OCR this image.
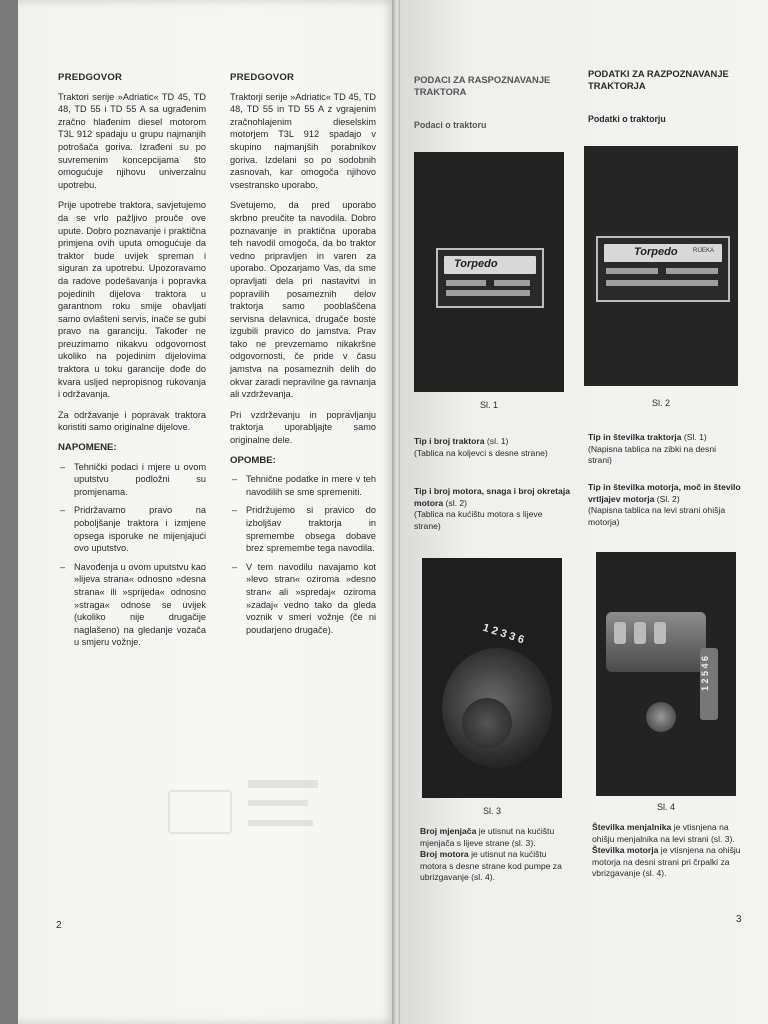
PREDGOVOR

Traktori serije »Adriatic« TD 45, TD 48, TD 55 i TD 55 A sa ugrađenim zračno hlađenim diesel motorom T3L 912 spadaju u grupu najmanjih potrošača goriva. Izrađeni su po suvremenim koncepcijama što omogućuje njihovu univerzalnu upotrebu.

Prije upotrebe traktora, savjetujemo da se vrlo pažljivo prouče ove upute. Dobro poznavanje i praktična primjena ovih uputa omogućuje da traktor bude uvijek spreman i siguran za upotrebu. Upozoravamo da radove podešavanja i popravka pojedinih dijelova traktora u garantnom roku smije obavljati samo ovlašteni servis, inače se gubi pravo na garanciju. Također ne preuzimamo nikakvu odgovornost ukoliko na pojedinim dijelovima traktora u toku garancije dođe do kvara usljed nepropisnog rukovanja i održavanja.

Za održavanje i popravak traktora koristiti samo originalne dijelove.

NAPOMENE:
– Tehnički podaci i mjere u ovom uputstvu podložni su promjenama.
– Pridržavamo pravo na poboljšanje traktora i izmjene opsega isporuke ne mijenjajući ovo uputstvo.
– Navođenja u ovom uputstvu kao »lijeva strana« odnosno »desna strana« ili »sprijeda« odnosno »straga« odnose se uvijek (ukoliko nije drugačije naglašeno) na gledanje vozača u smjeru vožnje.
PREDGOVOR

Traktorji serije »Adriatic« TD 45, TD 48, TD 55 in TD 55 A z vgrajenim zračnohlajenim dieselskim motorjem T3L 912 spadajo v skupino najmanjših porabnikov goriva. Izdelani so po sodobnih zasnovah, kar omogoča njihovo vsestransko uporabo.

Svetujemo, da pred uporabo skrbno preučite ta navodila. Dobro poznavanje in praktična uporaba teh navodil omogoča, da bo traktor vedno pripravljen in varen za uporabo. Opozarjamo Vas, da sme opravljati dela pri nastavitvi in popravilih posameznih delov traktorja samo pooblaščena servisna delavnica, drugače boste izgubili pravico do jamstva. Prav tako ne prevzemamo nikakršne odgovornosti, če pride v času jamstva na posameznih delih do okvar zaradi nepravilne ga ravnanja ali vzdrževanja.

Pri vzdrževanju in popravljanju traktorja uporabljajte samo originalne dele.

OPOMBE:
– Tehnične podatke in mere v teh navodilih se sme spremeniti.
– Pridržujemo si pravico do izboljšav traktorja in spremembe obsega dobave brez spremembe tega navodila.
– V tem navodilu navajamo kot »levo stran« oziroma »desno stran« ali »spredaj« oziroma »zadaj« vedno tako da gleda voznik v smeri vožnje (če ni poudarjeno drugače).
2
PODACI ZA RASPOZNAVANJE TRAKTORA
PODATKI ZA RAZPOZNAVANJE TRAKTORJA
Podaci o traktoru
Podatki o traktorju
Torpedo
Torpedo	RIJEKA
Sl. 1	Sl. 2
Tip i broj traktora (sl. 1)
(Tablica na koljevci s desne strane)
Tip in številka traktorja (Sl. 1)
(Napisna tablica na zibki na desni strani)
Tip i broj motora, snaga i broj okretaja motora (sl. 2)
(Tablica na kućištu motora s lijeve strane)
Tip in številka motorja, moč in število vrtljajev motorja (Sl. 2)
(Napisna tablica na levi strani ohišja motorja)
1 2 3 3 6
1 2 5 4 6
Sl. 3	Sl. 4
Broj mjenjača je utisnut na kućištu mjenjača s lijeve strane (sl. 3).
Broj motora je utisnut na kućištu motora s desne strane kod pumpe za ubrizgavanje (sl. 4).
Številka menjalnika je vtisnjena na ohišju menjalnika na levi strani (sl. 3).
Številka motorja je vtisnjena na ohišju motorja na desni strani pri črpalki za vbrizgavanje (sl. 4).
3
